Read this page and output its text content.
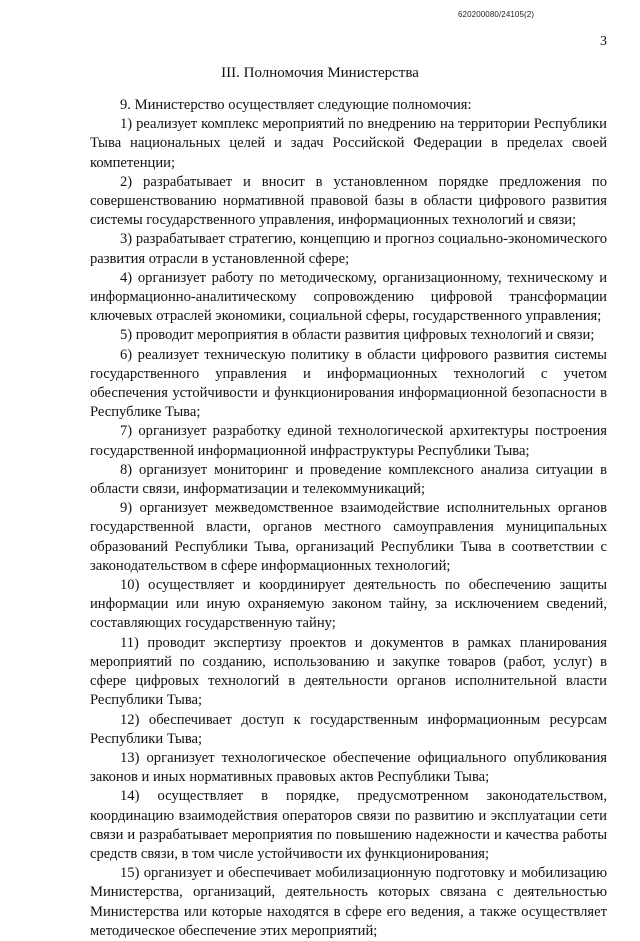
620200080/24105(2)
3
III. Полномочия Министерства

9. Министерство осуществляет следующие полномочия:

1) реализует комплекс мероприятий по внедрению на территории Республики Тыва национальных целей и задач Российской Федерации в пределах своей компетенции;

2) разрабатывает и вносит в установленном порядке предложения по совершенствованию нормативной правовой базы в области цифрового развития системы государственного управления, информационных технологий и связи;

3) разрабатывает стратегию, концепцию и прогноз социально-экономического развития отрасли в установленной сфере;

4) организует работу по методическому, организационному, техническому и информационно-аналитическому сопровождению цифровой трансформации ключевых отраслей экономики, социальной сферы, государственного управления;

5) проводит мероприятия в области развития цифровых технологий и связи;

6) реализует техническую политику в области цифрового развития системы государственного управления и информационных технологий с учетом обеспечения устойчивости и функционирования информационной безопасности в Республике Тыва;

7) организует разработку единой технологической архитектуры построения государственной информационной инфраструктуры Республики Тыва;

8) организует мониторинг и проведение комплексного анализа ситуации в области связи, информатизации и телекоммуникаций;

9) организует межведомственное взаимодействие исполнительных органов государственной власти, органов местного самоуправления муниципальных образований Республики Тыва, организаций Республики Тыва в соответствии с законодательством в сфере информационных технологий;

10) осуществляет и координирует деятельность по обеспечению защиты информации или иную охраняемую законом тайну, за исключением сведений, составляющих государственную тайну;

11) проводит экспертизу проектов и документов в рамках планирования мероприятий по созданию, использованию и закупке товаров (работ, услуг) в сфере цифровых технологий в деятельности органов исполнительной власти Республики Тыва;

12) обеспечивает доступ к государственным информационным ресурсам Республики Тыва;

13) организует технологическое обеспечение официального опубликования законов и иных нормативных правовых актов Республики Тыва;

14) осуществляет в порядке, предусмотренном законодательством, координацию взаимодействия операторов связи по развитию и эксплуатации сети связи и разрабатывает мероприятия по повышению надежности и качества работы средств связи, в том числе устойчивости их функционирования;

15) организует и обеспечивает мобилизационную подготовку и мобилизацию Министерства, организаций, деятельность которых связана с деятельностью Министерства или которые находятся в сфере его ведения, а также осуществляет методическое обеспечение этих мероприятий;
